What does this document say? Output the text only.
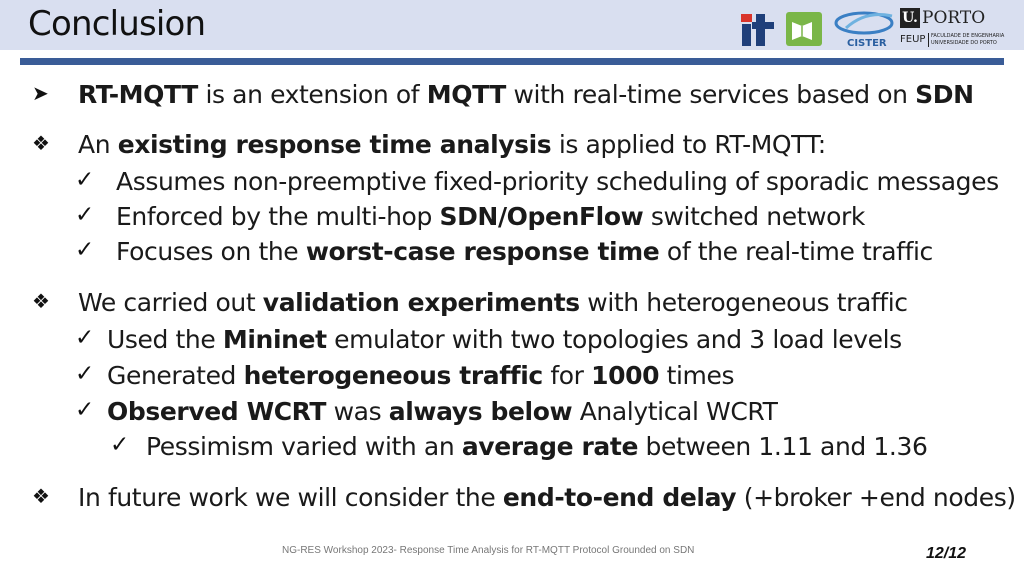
Conclusion	CISTER
U. PORTO
FEUP FACULDADE DE ENGENHARIA
UNIVERSIDADE DO PORTO
➤ RT-MQTT is an extension of MQTT with real-time services based on SDN
❖ An existing response time analysis is applied to RT-MQTT:
✓ Assumes non-preemptive fixed-priority scheduling of sporadic messages
✓ Enforced by the multi-hop SDN/OpenFlow switched network
✓ Focuses on the worst-case response time of the real-time traffic
❖ We carried out validation experiments with heterogeneous traffic
✓ Used the Mininet emulator with two topologies and 3 load levels
✓ Generated heterogeneous traffic for 1000 times
✓ Observed WCRT was always below Analytical WCRT
✓ Pessimism varied with an average rate between 1.11 and 1.36
❖ In future work we will consider the end-to-end delay (+broker +end nodes)
NG-RES Workshop 2023- Response Time Analysis for RT-MQTT Protocol Grounded on SDN	12/12
